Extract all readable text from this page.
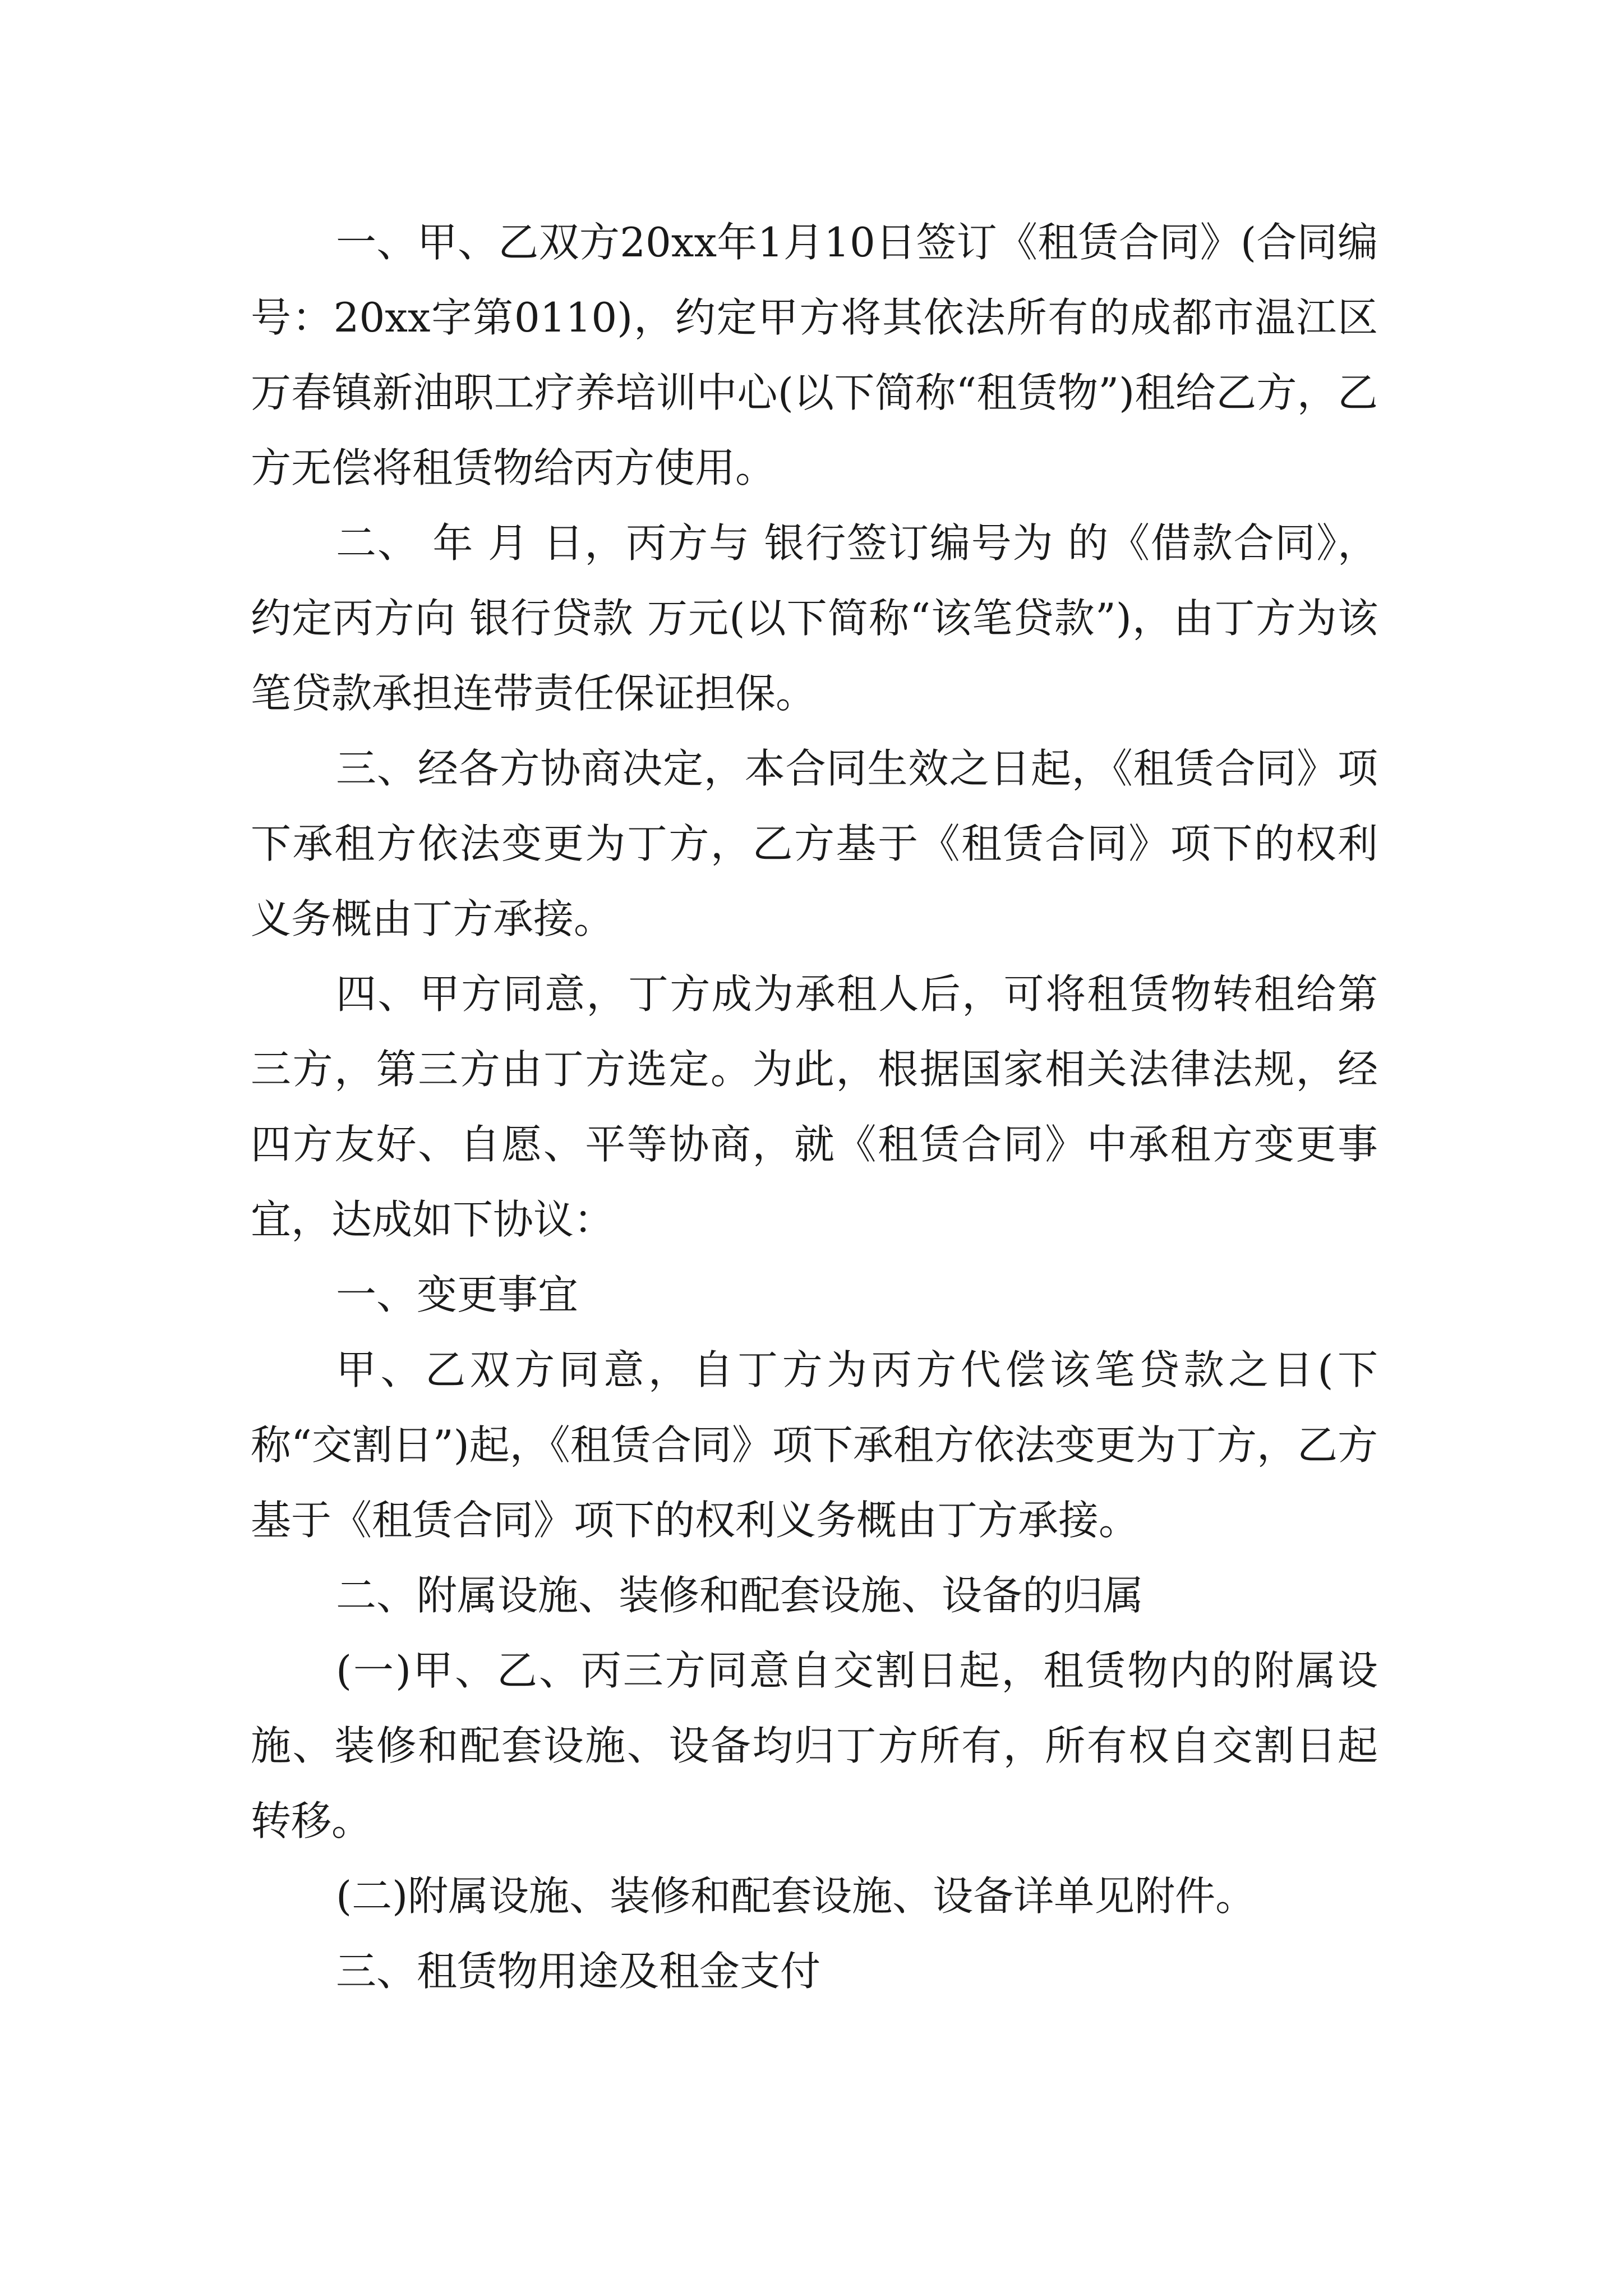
一、甲、乙双方20xx年1月10日签订《租赁合同》(合同编号：20xx字第0110)，约定甲方将其依法所有的成都市温江区万春镇新油职工疗养培训中心(以下简称“租赁物”)租给乙方，乙方无偿将租赁物给丙方使用。

二、 年 月 日，丙方与 银行签订编号为 的《借款合同》，约定丙方向 银行贷款 万元(以下简称“该笔贷款”)，由丁方为该笔贷款承担连带责任保证担保。

三、经各方协商决定，本合同生效之日起，《租赁合同》项下承租方依法变更为丁方，乙方基于《租赁合同》项下的权利义务概由丁方承接。

四、甲方同意，丁方成为承租人后，可将租赁物转租给第三方，第三方由丁方选定。为此，根据国家相关法律法规，经四方友好、自愿、平等协商，就《租赁合同》中承租方变更事宜，达成如下协议：

一、变更事宜

甲、乙双方同意，自丁方为丙方代偿该笔贷款之日(下称“交割日”)起，《租赁合同》项下承租方依法变更为丁方，乙方基于《租赁合同》项下的权利义务概由丁方承接。

二、附属设施、装修和配套设施、设备的归属

(一)甲、乙、丙三方同意自交割日起，租赁物内的附属设施、装修和配套设施、设备均归丁方所有，所有权自交割日起转移。

(二)附属设施、装修和配套设施、设备详单见附件。

三、租赁物用途及租金支付
